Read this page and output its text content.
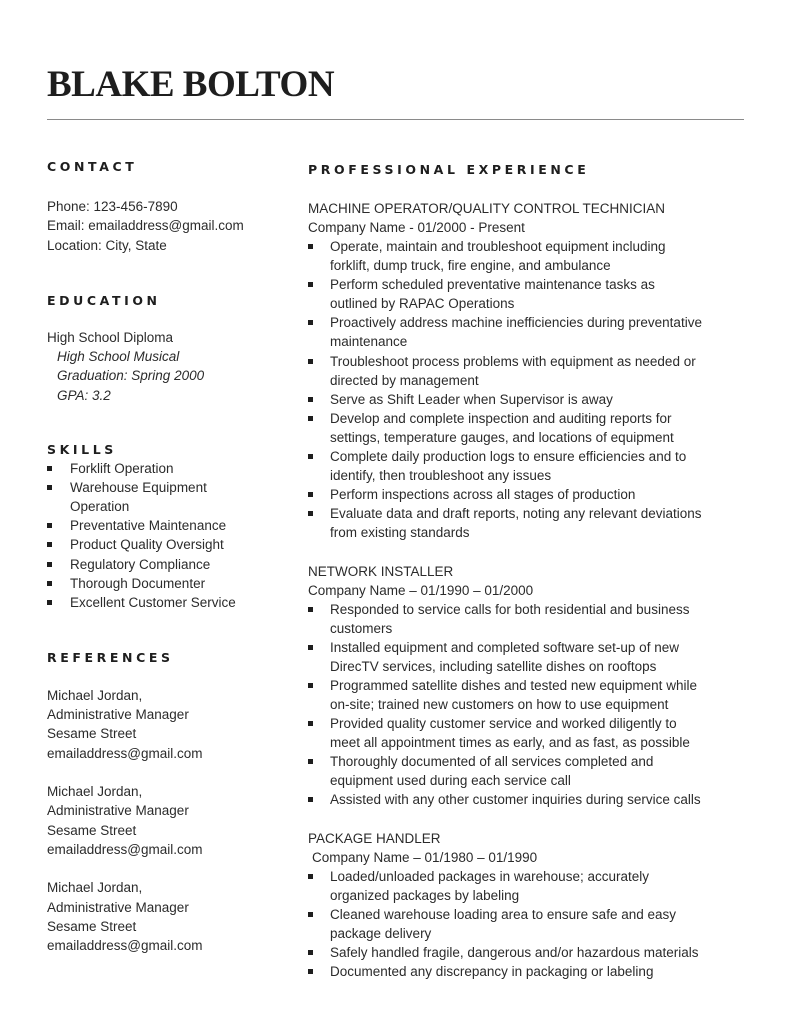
BLAKE BOLTON
CONTACT

Phone: 123-456-7890

Email: emailaddress@gmail.com

Location: City, State

EDUCATION

High School Diploma

High School Musical

Graduation: Spring 2000

GPA: 3.2

SKILLS
Forklift Operation
Warehouse Equipment
Operation
Preventative Maintenance
Product Quality Oversight
Regulatory Compliance
Thorough Documenter
Excellent Customer Service
REFERENCES

Michael Jordan,

Administrative Manager

Sesame Street

emailaddress@gmail.com

Michael Jordan,

Administrative Manager

Sesame Street

emailaddress@gmail.com

Michael Jordan,

Administrative Manager

Sesame Street

emailaddress@gmail.com

PROFESSIONAL EXPERIENCE

MACHINE OPERATOR/QUALITY CONTROL TECHNICIAN

Company Name - 01/2000 - Present

Operate, maintain and troubleshoot equipment including
forklift, dump truck, fire engine, and ambulance
Perform scheduled preventative maintenance tasks as
outlined by RAPAC Operations
Proactively address machine inefficiencies during preventative
maintenance
Troubleshoot process problems with equipment as needed or
directed by management
Serve as Shift Leader when Supervisor is away
Develop and complete inspection and auditing reports for
settings, temperature gauges, and locations of equipment
Complete daily production logs to ensure efficiencies and to
identify, then troubleshoot any issues
Perform inspections across all stages of production
Evaluate data and draft reports, noting any relevant deviations
from existing standards

NETWORK INSTALLER

Company Name – 01/1990 – 01/2000

Responded to service calls for both residential and business
customers
Installed equipment and completed software set-up of new
DirecTV services, including satellite dishes on rooftops
Programmed satellite dishes and tested new equipment while
on-site; trained new customers on how to use equipment
Provided quality customer service and worked diligently to
meet all appointment times as early, and as fast, as possible
Thoroughly documented of all services completed and
equipment used during each service call
Assisted with any other customer inquiries during service calls

PACKAGE HANDLER

Company Name – 01/1980 – 01/1990

Loaded/unloaded packages in warehouse; accurately
organized packages by labeling
Cleaned warehouse loading area to ensure safe and easy
package delivery
Safely handled fragile, dangerous and/or hazardous materials
Documented any discrepancy in packaging or labeling
